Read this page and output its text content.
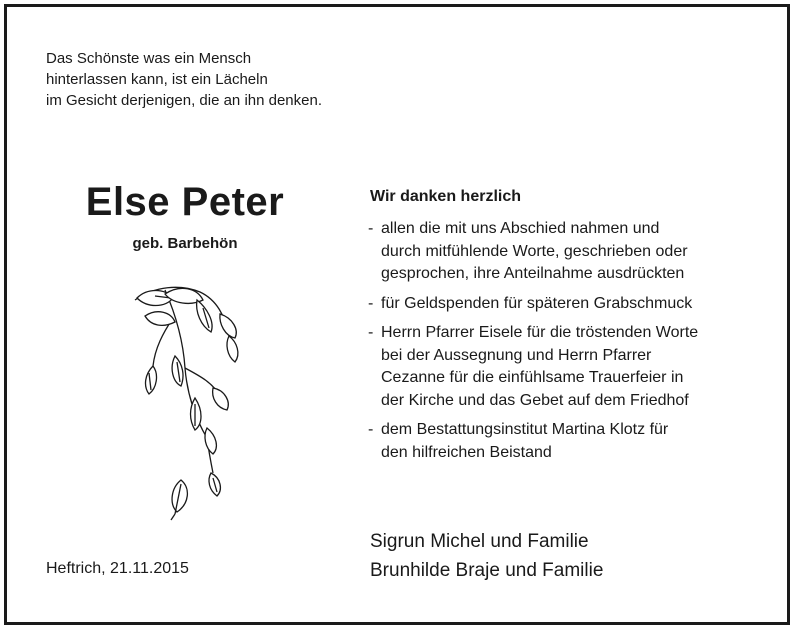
Das Schönste was ein Mensch
hinterlassen kann, ist ein Lächeln
im Gesicht derjenigen, die an ihn denken.
Else Peter
geb. Barbehön
Wir danken herzlich
- allen die mit uns Abschied nahmen und
durch mitfühlende Worte, geschrieben oder
gesprochen, ihre Anteilnahme ausdrückten
- für Geldspenden für späteren Grabschmuck
- Herrn Pfarrer Eisele für die tröstenden Worte
bei der Aussegnung und Herrn Pfarrer
Cezanne für die einfühlsame Trauerfeier in
der Kirche und das Gebet auf dem Friedhof
- dem Bestattungsinstitut Martina Klotz für
den hilfreichen Beistand
Heftrich, 21.11.2015
Sigrun Michel und Familie
Brunhilde Braje und Familie
